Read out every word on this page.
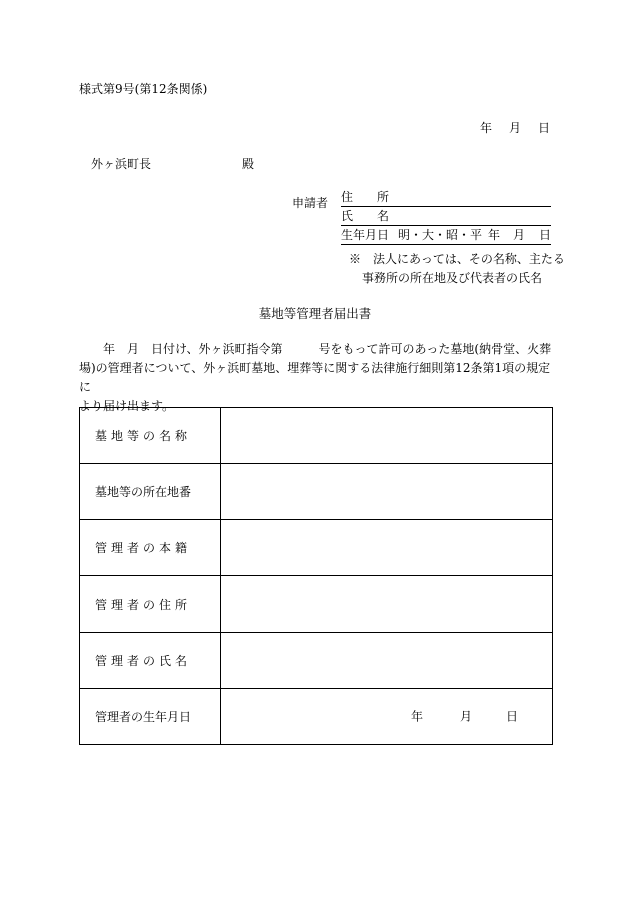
様式第9号(第12条関係)
年 月 日
外ヶ浜町長	殿
申請者 住　　所
氏　　名
生年月日 明・大・昭・平 年 月 日
※　法人にあっては、その名称、主たる
事務所の所在地及び代表者の氏名
墓地等管理者届出書

　　年　月　日付け、外ヶ浜町指令第　　　号をもって許可のあった墓地(納骨堂、火葬

場)の管理者について、外ヶ浜町墓地、埋葬等に関する法律施行細則第12条第1項の規定に

より届け出ます。

墓地等の名称	
墓地等の所在地番	
管理者の本籍	
管理者の住所	
管理者の氏名	
管理者の生年月日	年 月 日
